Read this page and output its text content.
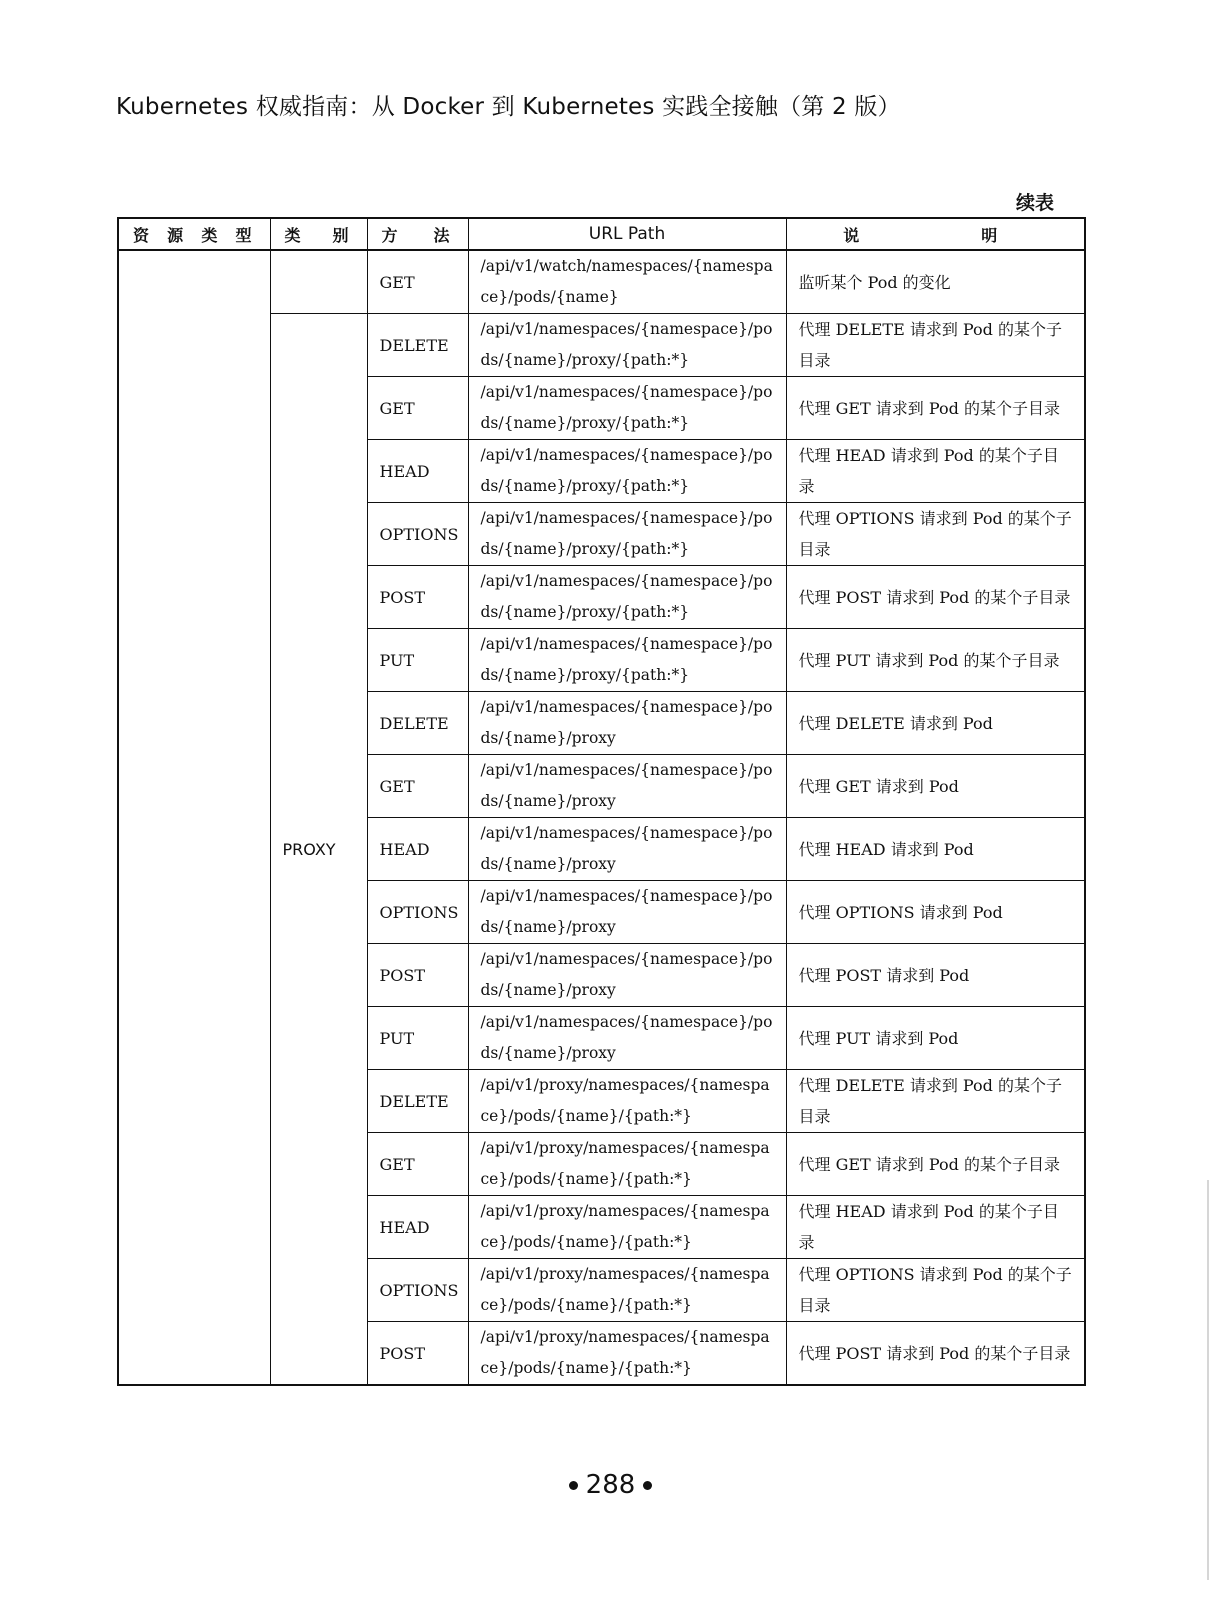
Kubernetes 权威指南：从 Docker 到 Kubernetes 实践全接触（第 2 版）
续表
资源类型	类　　别	方　　法	URL Path	说　　明
		GET	/api/v1/watch/namespaces/{namespace}/pods/{name}	监听某个 Pod 的变化
	PROXY	DELETE	/api/v1/namespaces/{namespace}/pods/{name}/proxy/{path:*}	代理 DELETE 请求到 Pod 的某个子目录
		GET	/api/v1/namespaces/{namespace}/pods/{name}/proxy/{path:*}	代理 GET 请求到 Pod 的某个子目录
		HEAD	/api/v1/namespaces/{namespace}/pods/{name}/proxy/{path:*}	代理 HEAD 请求到 Pod 的某个子目录
		OPTIONS	/api/v1/namespaces/{namespace}/pods/{name}/proxy/{path:*}	代理 OPTIONS 请求到 Pod 的某个子目录
		POST	/api/v1/namespaces/{namespace}/pods/{name}/proxy/{path:*}	代理 POST 请求到 Pod 的某个子目录
		PUT	/api/v1/namespaces/{namespace}/pods/{name}/proxy/{path:*}	代理 PUT 请求到 Pod 的某个子目录
		DELETE	/api/v1/namespaces/{namespace}/pods/{name}/proxy	代理 DELETE 请求到 Pod
		GET	/api/v1/namespaces/{namespace}/pods/{name}/proxy	代理 GET 请求到 Pod
		HEAD	/api/v1/namespaces/{namespace}/pods/{name}/proxy	代理 HEAD 请求到 Pod
		OPTIONS	/api/v1/namespaces/{namespace}/pods/{name}/proxy	代理 OPTIONS 请求到 Pod
		POST	/api/v1/namespaces/{namespace}/pods/{name}/proxy	代理 POST 请求到 Pod
		PUT	/api/v1/namespaces/{namespace}/pods/{name}/proxy	代理 PUT 请求到 Pod
		DELETE	/api/v1/proxy/namespaces/{namespace}/pods/{name}/{path:*}	代理 DELETE 请求到 Pod 的某个子目录
		GET	/api/v1/proxy/namespaces/{namespace}/pods/{name}/{path:*}	代理 GET 请求到 Pod 的某个子目录
		HEAD	/api/v1/proxy/namespaces/{namespace}/pods/{name}/{path:*}	代理 HEAD 请求到 Pod 的某个子目录
		OPTIONS	/api/v1/proxy/namespaces/{namespace}/pods/{name}/{path:*}	代理 OPTIONS 请求到 Pod 的某个子目录
		POST	/api/v1/proxy/namespaces/{namespace}/pods/{name}/{path:*}	代理 POST 请求到 Pod 的某个子目录
288
